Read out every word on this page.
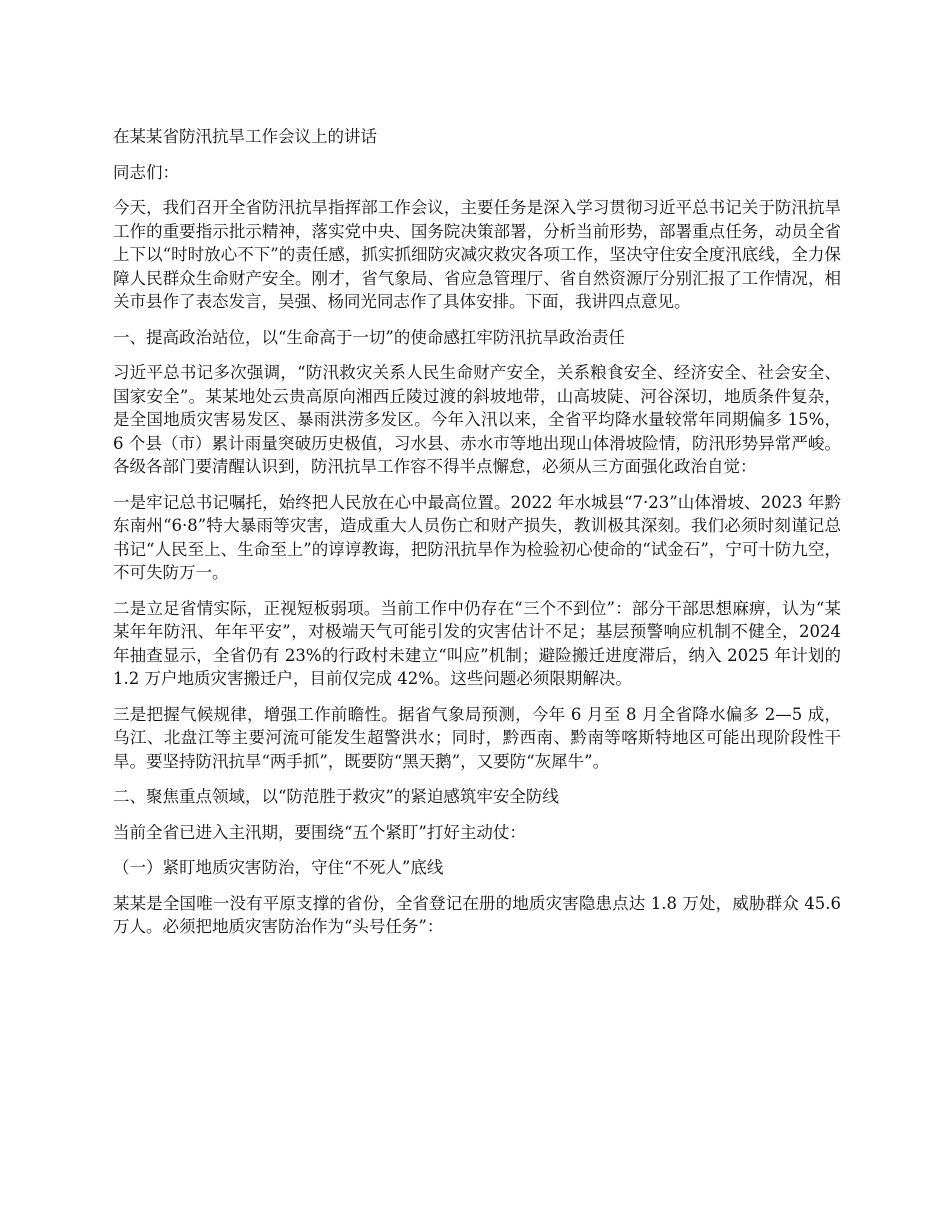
在某某省防汛抗旱工作会议上的讲话

同志们：

今天，我们召开全省防汛抗旱指挥部工作会议，主要任务是深入学习贯彻习近平总书记关于防汛抗旱工作的重要指示批示精神，落实党中央、国务院决策部署，分析当前形势，部署重点任务，动员全省上下以“时时放心不下”的责任感，抓实抓细防灾减灾救灾各项工作，坚决守住安全度汛底线，全力保障人民群众生命财产安全。刚才，省气象局、省应急管理厅、省自然资源厅分别汇报了工作情况，相关市县作了表态发言，吴强、杨同光同志作了具体安排。下面，我讲四点意见。

一、提高政治站位，以“生命高于一切”的使命感扛牢防汛抗旱政治责任

习近平总书记多次强调，“防汛救灾关系人民生命财产安全，关系粮食安全、经济安全、社会安全、国家安全”。某某地处云贵高原向湘西丘陵过渡的斜坡地带，山高坡陡、河谷深切，地质条件复杂，是全国地质灾害易发区、暴雨洪涝多发区。今年入汛以来，全省平均降水量较常年同期偏多 15%，6 个县（市）累计雨量突破历史极值，习水县、赤水市等地出现山体滑坡险情，防汛形势异常严峻。各级各部门要清醒认识到，防汛抗旱工作容不得半点懈怠，必须从三方面强化政治自觉：

一是牢记总书记嘱托，始终把人民放在心中最高位置。2022 年水城县“7·23”山体滑坡、2023 年黔东南州“6·8”特大暴雨等灾害，造成重大人员伤亡和财产损失，教训极其深刻。我们必须时刻谨记总书记“人民至上、生命至上”的谆谆教诲，把防汛抗旱作为检验初心使命的“试金石”，宁可十防九空，不可失防万一。

二是立足省情实际，正视短板弱项。当前工作中仍存在“三个不到位”：部分干部思想麻痹，认为“某某年年防汛、年年平安”，对极端天气可能引发的灾害估计不足；基层预警响应机制不健全，2024 年抽查显示，全省仍有 23%的行政村未建立“叫应”机制；避险搬迁进度滞后，纳入 2025 年计划的 1.2 万户地质灾害搬迁户，目前仅完成 42%。这些问题必须限期解决。

三是把握气候规律，增强工作前瞻性。据省气象局预测，今年 6 月至 8 月全省降水偏多 2—5 成，乌江、北盘江等主要河流可能发生超警洪水；同时，黔西南、黔南等喀斯特地区可能出现阶段性干旱。要坚持防汛抗旱“两手抓”，既要防“黑天鹅”，又要防“灰犀牛”。

二、聚焦重点领域，以“防范胜于救灾”的紧迫感筑牢安全防线

当前全省已进入主汛期，要围绕“五个紧盯”打好主动仗：

（一）紧盯地质灾害防治，守住“不死人”底线

某某是全国唯一没有平原支撑的省份，全省登记在册的地质灾害隐患点达 1.8 万处，威胁群众 45.6 万人。必须把地质灾害防治作为“头号任务”：
